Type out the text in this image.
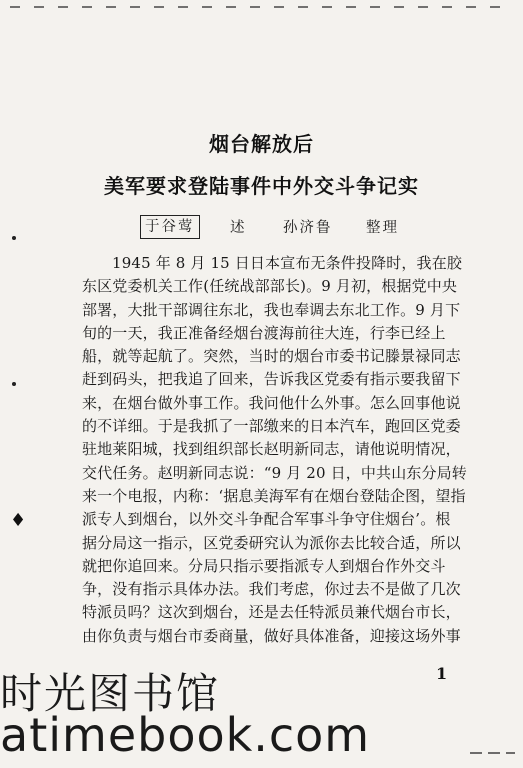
♦
烟台解放后
美军要求登陆事件中外交斗争记实
于谷莺 述	孙济鲁 整理
1945 年 8 月 15 日日本宣布无条件投降时，我在胶
东区党委机关工作(任统战部部长)。9 月初，根据党中央
部署，大批干部调往东北，我也奉调去东北工作。9 月下
旬的一天，我正准备经烟台渡海前往大连，行李已经上
船，就等起航了。突然，当时的烟台市委书记滕景禄同志
赶到码头，把我追了回来，告诉我区党委有指示要我留下
来，在烟台做外事工作。我问他什么外事。怎么回事他说
的不详细。于是我抓了一部缴来的日本汽车，跑回区党委
驻地莱阳城，找到组织部长赵明新同志，请他说明情况，
交代任务。赵明新同志说：“9 月 20 日，中共山东分局转
来一个电报，内称：‘据息美海军有在烟台登陆企图，望指
派专人到烟台，以外交斗争配合军事斗争守住烟台’。根
据分局这一指示，区党委研究认为派你去比较合适，所以
就把你追回来。分局只指示要指派专人到烟台作外交斗
争，没有指示具体办法。我们考虑，你过去不是做了几次
特派员吗？这次到烟台，还是去任特派员兼代烟台市长，
由你负责与烟台市委商量，做好具体准备，迎接这场外事
1
时光图书馆
atimebook.com
